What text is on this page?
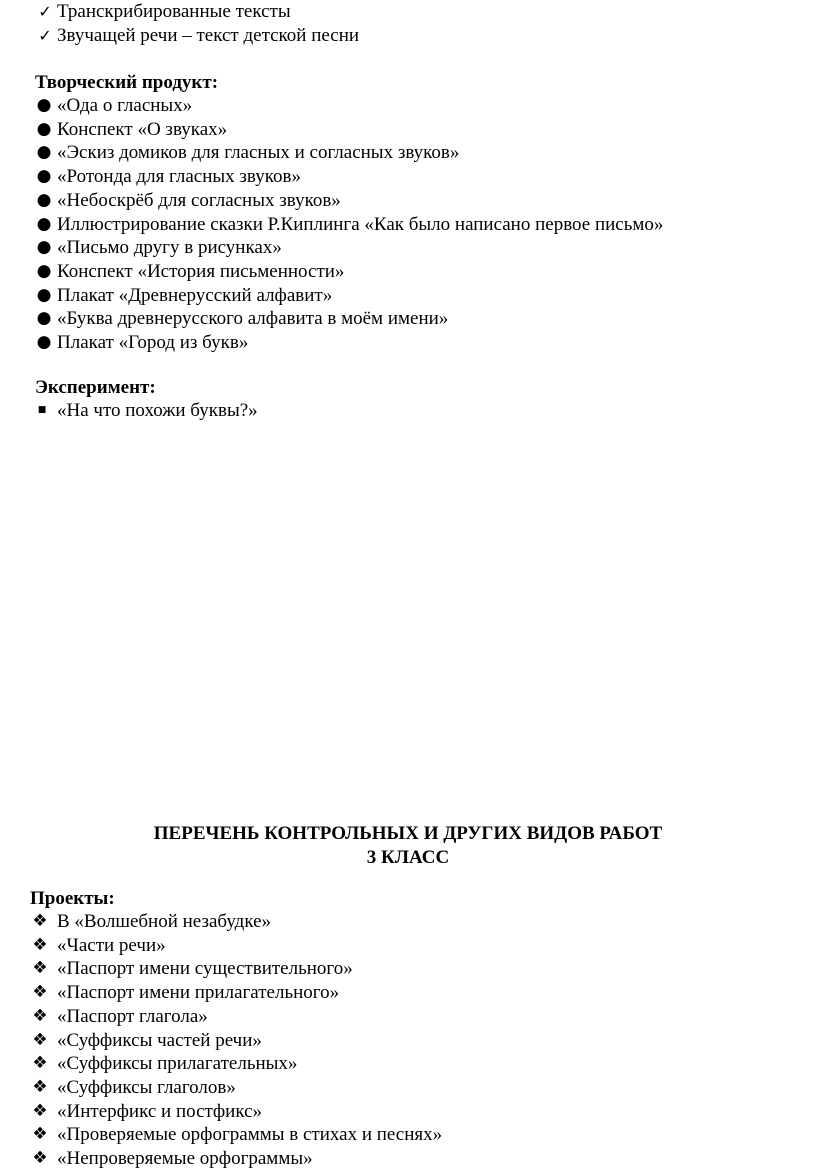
✓ Транскрибированные тексты
✓ Звучащей речи – текст детской песни
Творческий продукт:
● «Ода о гласных»
● Конспект «О звуках»
● «Эскиз домиков для гласных и согласных звуков»
● «Ротонда для гласных звуков»
● «Небоскрёб для согласных звуков»
● Иллюстрирование сказки Р.Киплинга «Как было написано первое письмо»
● «Письмо другу в рисунках»
● Конспект «История письменности»
● Плакат «Древнерусский алфавит»
● «Буква древнерусского алфавита в моём имени»
● Плакат «Город из букв»
Эксперимент:
■ «На что похожи буквы?»
ПЕРЕЧЕНЬ КОНТРОЛЬНЫХ И ДРУГИХ ВИДОВ РАБОТ
3 КЛАСС
Проекты:
❖ В «Волшебной незабудке»
❖ «Части речи»
❖ «Паспорт имени существительного»
❖ «Паспорт имени прилагательного»
❖ «Паспорт глагола»
❖ «Суффиксы частей речи»
❖ «Суффиксы прилагательных»
❖ «Суффиксы глаголов»
❖ «Интерфикс и постфикс»
❖ «Проверяемые орфограммы в стихах и песнях»
❖ «Непроверяемые орфограммы»
